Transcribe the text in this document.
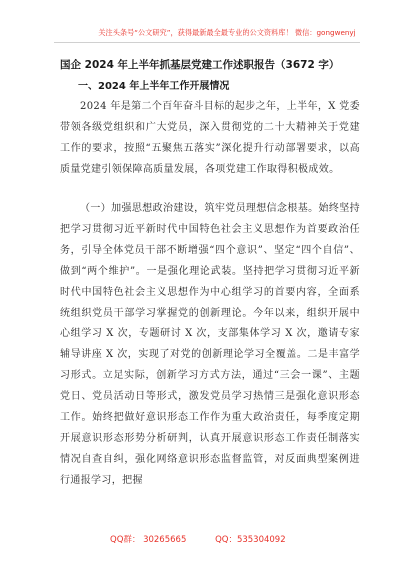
关注头条号“公文研究”，获得最新最全最专业的公文资料库！ 微信：gongwenyj
国企 2024 年上半年抓基层党建工作述职报告（3672 字）
一、2024 年上半年工作开展情况
2024 年是第二个百年奋斗目标的起步之年，上半年，X 党委带领各级党组织和广大党员，深入贯彻党的二十大精神关于党建工作的要求，按照“五聚焦五落实”深化提升行动部署要求，以高质量党建引领保障高质量发展，各项党建工作取得积极成效。
（一）加强思想政治建设，筑牢党员理想信念根基。始终坚持把学习贯彻习近平新时代中国特色社会主义思想作为首要政治任务，引导全体党员干部不断增强“四个意识”、坚定“四个自信”、做到“两个维护”。一是强化理论武装。坚持把学习贯彻习近平新时代中国特色社会主义思想作为中心组学习的首要内容，全面系统组织党员干部学习掌握党的创新理论。今年以来，组织开展中心组学习 X 次，专题研讨 X 次，支部集体学习 X 次，邀请专家辅导讲座 X 次，实现了对党的创新理论学习全覆盖。二是丰富学习形式。立足实际，创新学习方式方法，通过“三会一课”、主题党日、党员活动日等形式，激发党员学习热情三是强化意识形态工作。始终把做好意识形态工作作为重大政治责任，每季度定期开展意识形态形势分析研判，认真开展意识形态工作责任制落实情况自查自纠，强化网络意识形态监督监管，对反面典型案例进行通报学习，把握
QQ群： 30265665	QQ：535304092
